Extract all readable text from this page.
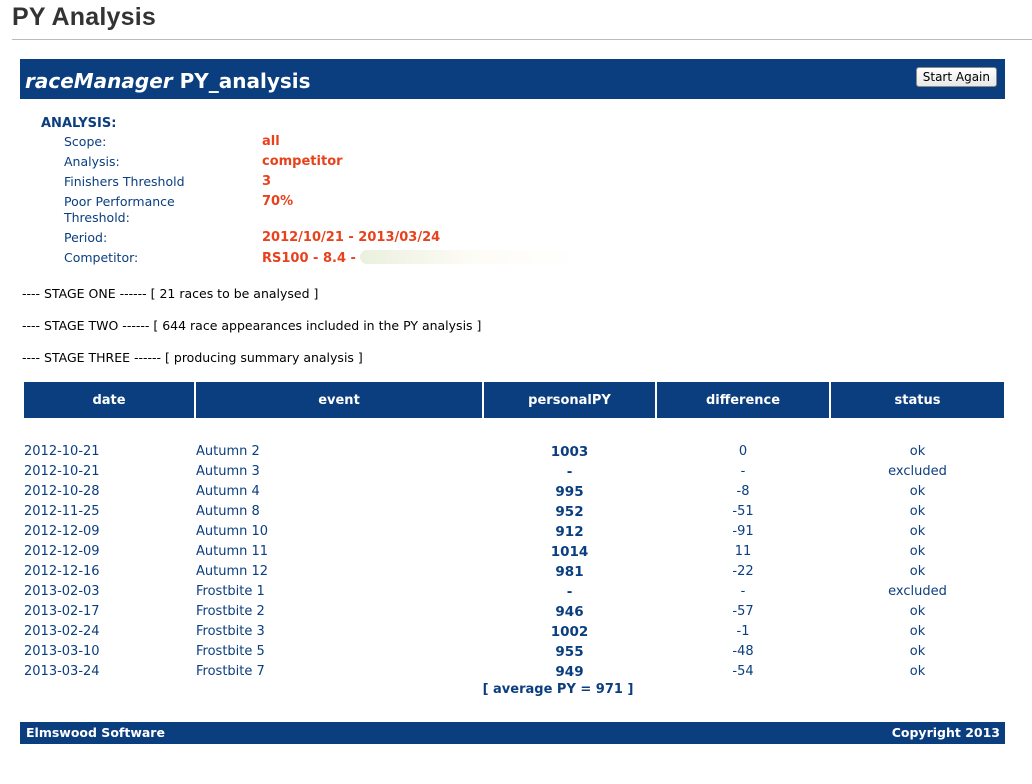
PY Analysis
raceManager PY_analysis	Start Again
ANALYSIS:
Scope:	all
Analysis:	competitor
Finishers Threshold	3
Poor Performance Threshold:
70%
Period:	2012/10/21 - 2013/03/24
Competitor:	RS100 - 8.4 -
---- STAGE ONE ------ [ 21 races to be analysed ]
---- STAGE TWO ------ [ 644 race appearances included in the PY analysis ]
---- STAGE THREE ------ [ producing summary analysis ]
date	event	personalPY	difference	status

2012-10-21	Autumn 2	1003	0	ok
2012-10-21	Autumn 3	-	-	excluded
2012-10-28	Autumn 4	995	-8	ok
2012-11-25	Autumn 8	952	-51	ok
2012-12-09	Autumn 10	912	-91	ok
2012-12-09	Autumn 11	1014	11	ok
2012-12-16	Autumn 12	981	-22	ok
2013-02-03	Frostbite 1	-	-	excluded
2013-02-17	Frostbite 2	946	-57	ok
2013-02-24	Frostbite 3	1002	-1	ok
2013-03-10	Frostbite 5	955	-48	ok
2013-03-24	Frostbite 7	949	-54	ok
[ average PY = 971 ]
Elmswood Software	Copyright 2013
